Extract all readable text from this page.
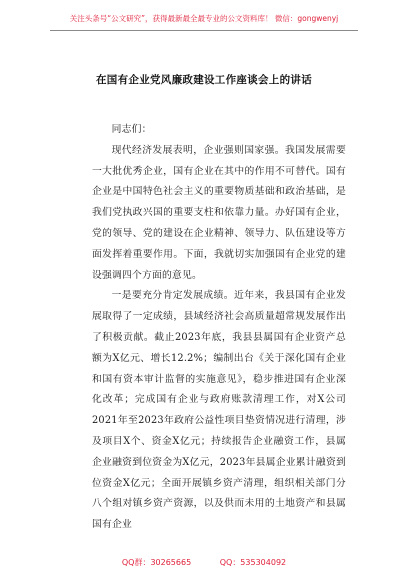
关注头条号“公文研究”，获得最新最全最专业的公文资料库！ 微信：gongwenyj
在国有企业党风廉政建设工作座谈会上的讲话

同志们：

现代经济发展表明，企业强则国家强。我国发展需要一大批优秀企业，国有企业在其中的作用不可替代。国有企业是中国特色社会主义的重要物质基础和政治基础，是我们党执政兴国的重要支柱和依靠力量。办好国有企业，党的领导、党的建设在企业精神、领导力、队伍建设等方面发挥着重要作用。下面，我就切实加强国有企业党的建设强调四个方面的意见。

一是要充分肯定发展成绩。近年来，我县国有企业发展取得了一定成绩，县域经济社会高质量超常规发展作出了积极贡献。截止2023年底，我县县属国有企业资产总额为X亿元、增长12.2%；编制出台《关于深化国有企业和国有资本审计监督的实施意见》，稳步推进国有企业深化改革；完成国有企业与政府账款清理工作，对X公司2021年至2023年政府公益性项目垫资情况进行清理，涉及项目X个、资金X亿元；持续报告企业融资工作，县属企业融资到位资金为X亿元，2023年县属企业累计融资到位资金X亿元；全面开展镇乡资产清理，组织相关部门分八个组对镇乡资产资源，以及供而未用的土地资产和县属国有企业

QQ群：30265665	QQ：535304092
